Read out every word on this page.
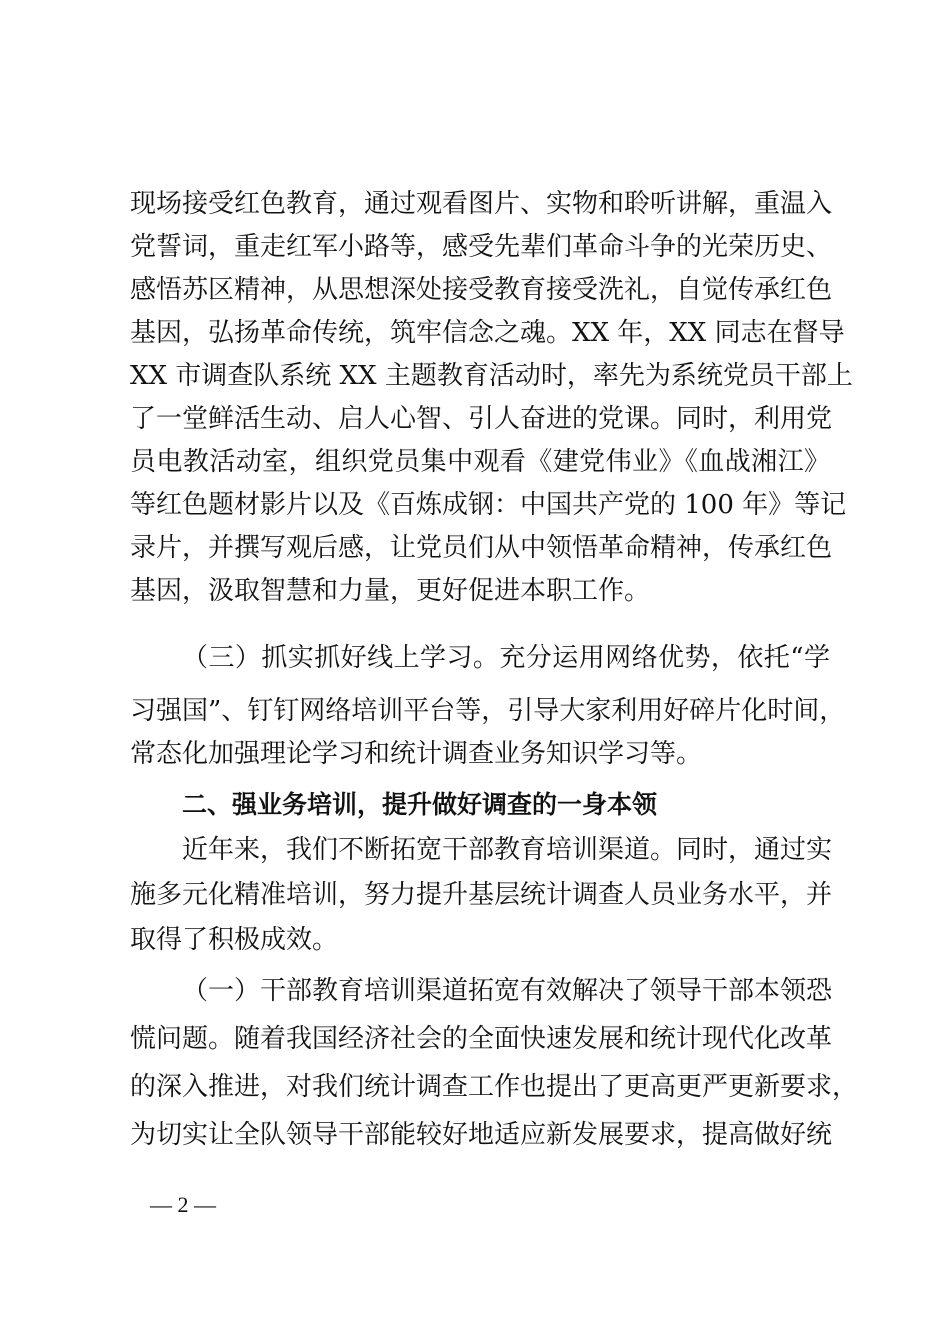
现场接受红色教育，通过观看图片、实物和聆听讲解，重温入
党誓词，重走红军小路等，感受先辈们革命斗争的光荣历史、
感悟苏区精神，从思想深处接受教育接受洗礼，自觉传承红色
基因，弘扬革命传统，筑牢信念之魂。XX 年，XX 同志在督导
XX 市调查队系统 XX 主题教育活动时，率先为系统党员干部上
了一堂鲜活生动、启人心智、引人奋进的党课。同时，利用党
员电教活动室，组织党员集中观看《建党伟业》《血战湘江》
等红色题材影片以及《百炼成钢：中国共产党的 100 年》等记
录片，并撰写观后感，让党员们从中领悟革命精神，传承红色
基因，汲取智慧和力量，更好促进本职工作。
（三）抓实抓好线上学习。充分运用网络优势，依托“学
习强国”、钉钉网络培训平台等，引导大家利用好碎片化时间，
常态化加强理论学习和统计调查业务知识学习等。
二、强业务培训，提升做好调查的一身本领
近年来，我们不断拓宽干部教育培训渠道。同时，通过实
施多元化精准培训，努力提升基层统计调查人员业务水平，并
取得了积极成效。
（一）干部教育培训渠道拓宽有效解决了领导干部本领恐
慌问题。随着我国经济社会的全面快速发展和统计现代化改革
的深入推进，对我们统计调查工作也提出了更高更严更新要求，
为切实让全队领导干部能较好地适应新发展要求，提高做好统
— 2 —
